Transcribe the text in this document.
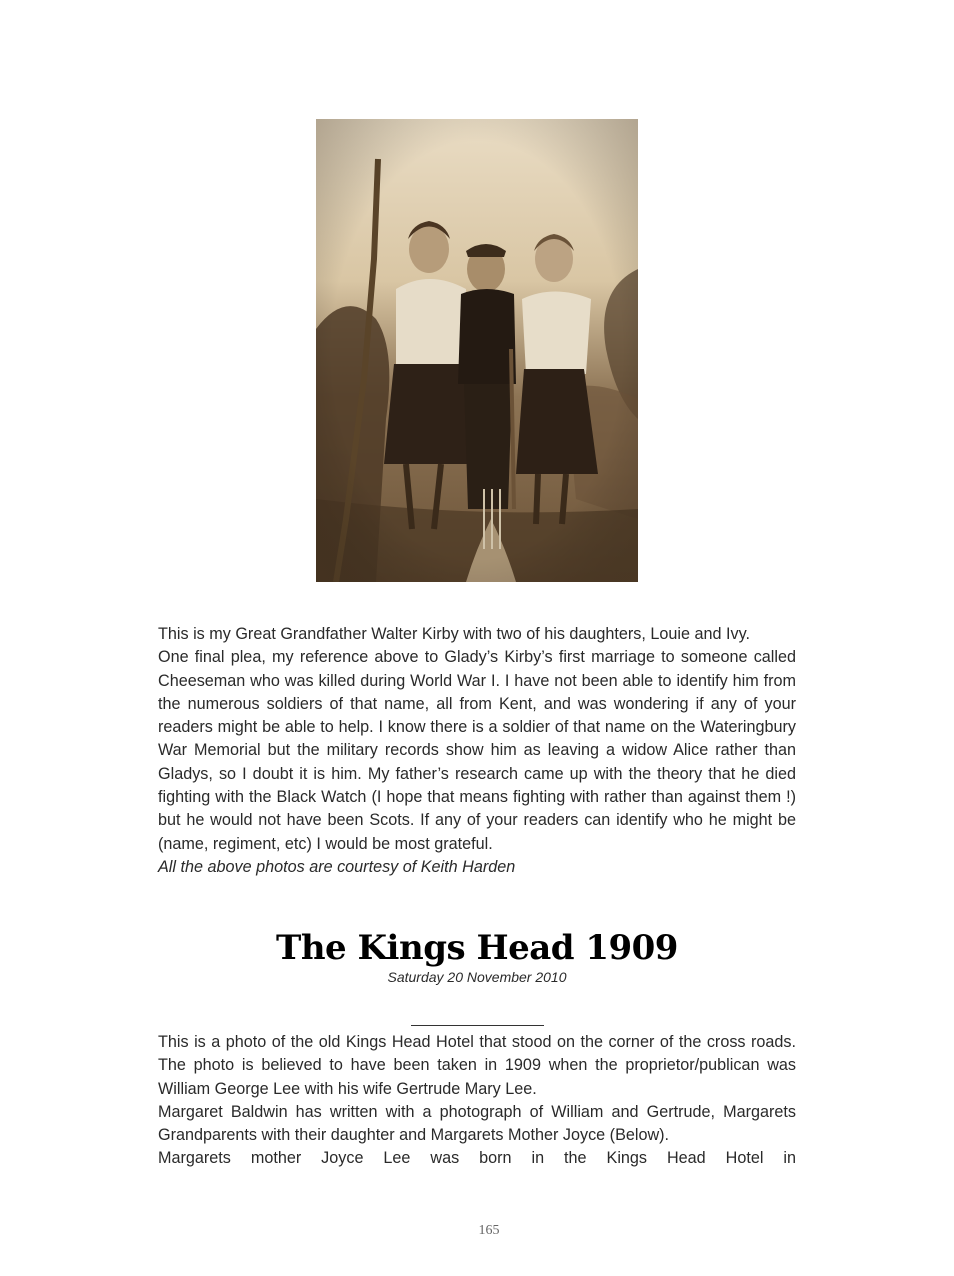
This is my Great Grandfather Walter Kirby with two of his daughters, Louie and Ivy.

One final plea, my reference above to Glady’s Kirby’s first marriage to someone called Cheeseman who was killed during World War I. I have not been able to identify him from the numerous soldiers of that name, all from Kent, and was wondering if any of your readers might be able to help. I know there is a soldier of that name on the Wateringbury War Memorial but the military records show him as leaving a widow Alice rather than Gladys, so I doubt it is him. My father’s research came up with the theory that he died fighting with the Black Watch (I hope that means fighting with rather than against them !) but he would not have been Scots. If any of your readers can identify who he might be (name, regiment, etc) I would be most grateful.

All the above photos are courtesy of Keith Harden

The Kings Head 1909
Saturday 20 November 2010

This is a photo of the old Kings Head Hotel that stood on the corner of the cross roads. The photo is believed to have been taken in 1909 when the proprietor/publican was William George Lee with his wife Gertrude Mary Lee.

Margaret Baldwin has written with a photograph of William and Gertrude, Margarets Grandparents with their daughter and Margarets Mother Joyce (Below).

Margarets mother Joyce Lee was born in the Kings Head Hotel in

165
